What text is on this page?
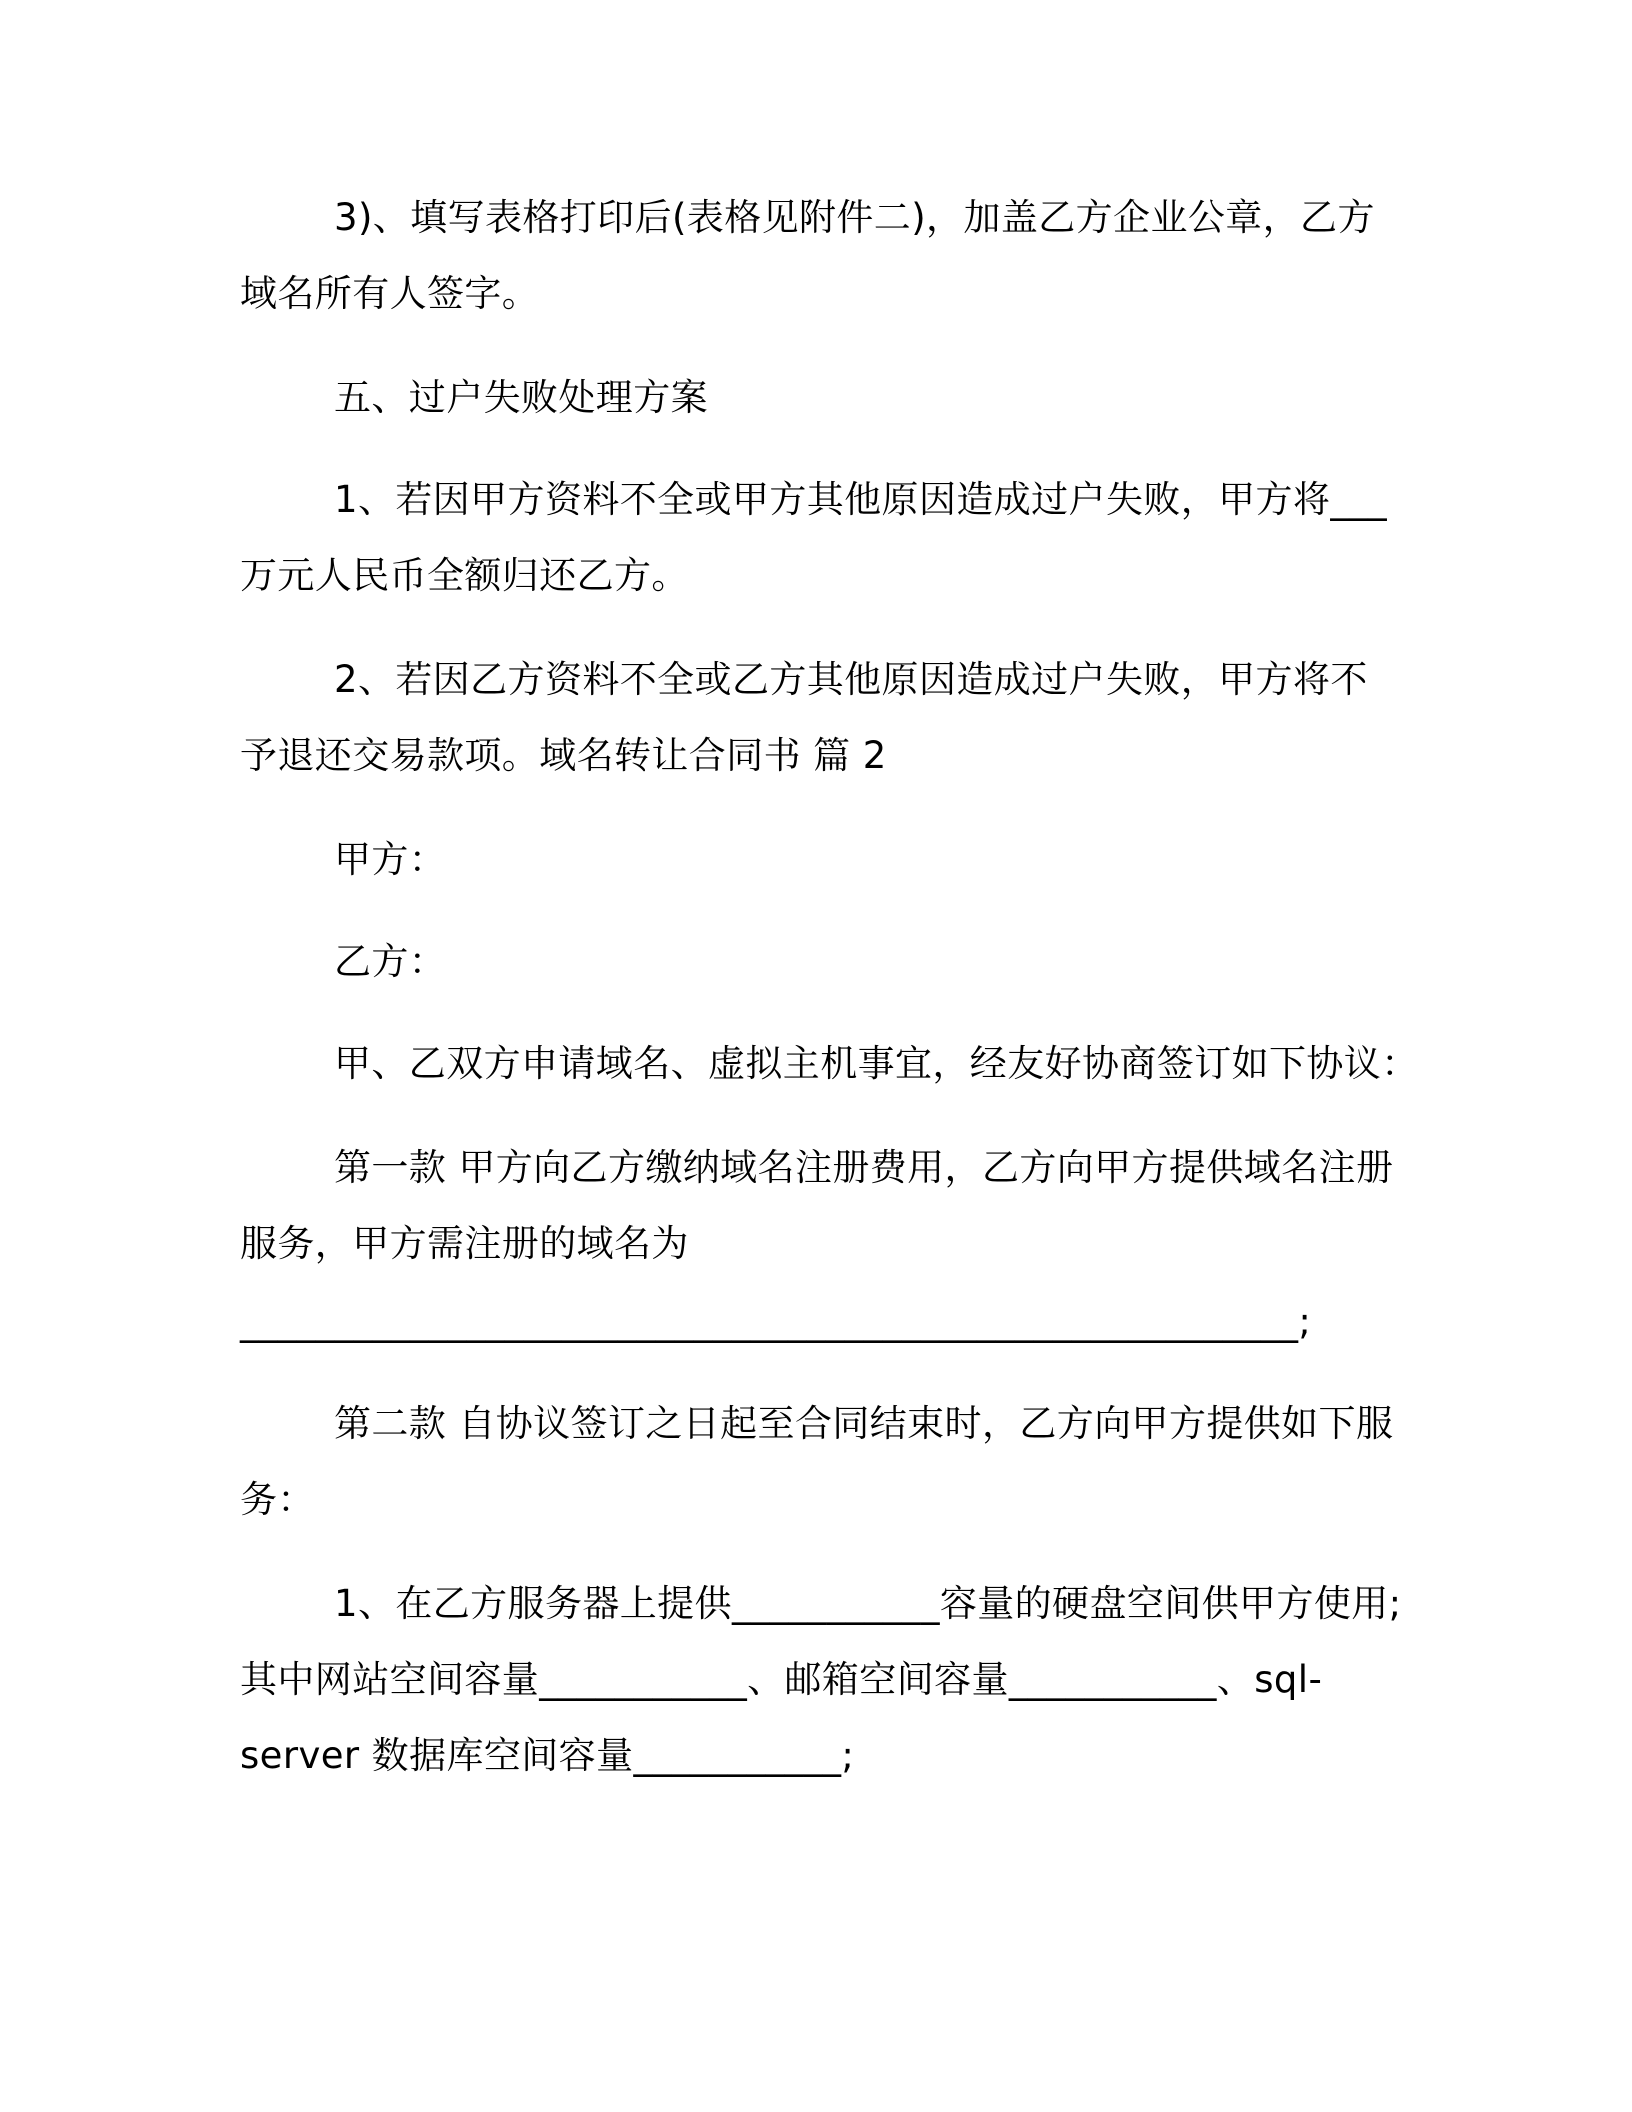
3)、填写表格打印后(表格见附件二)，加盖乙方企业公章，乙方
域名所有人签字。
五、过户失败处理方案
1、若因甲方资料不全或甲方其他原因造成过户失败，甲方将___
万元人民币全额归还乙方。
2、若因乙方资料不全或乙方其他原因造成过户失败，甲方将不
予退还交易款项。域名转让合同书 篇 2
甲方：
乙方：
甲、乙双方申请域名、虚拟主机事宜，经友好协商签订如下协议：
第一款 甲方向乙方缴纳域名注册费用，乙方向甲方提供域名注册
服务，甲方需注册的域名为
________________________________________________________;
第二款 自协议签订之日起至合同结束时，乙方向甲方提供如下服
务：
1、在乙方服务器上提供___________容量的硬盘空间供甲方使用;
其中网站空间容量___________、邮箱空间容量___________、sql-
server 数据库空间容量___________;
